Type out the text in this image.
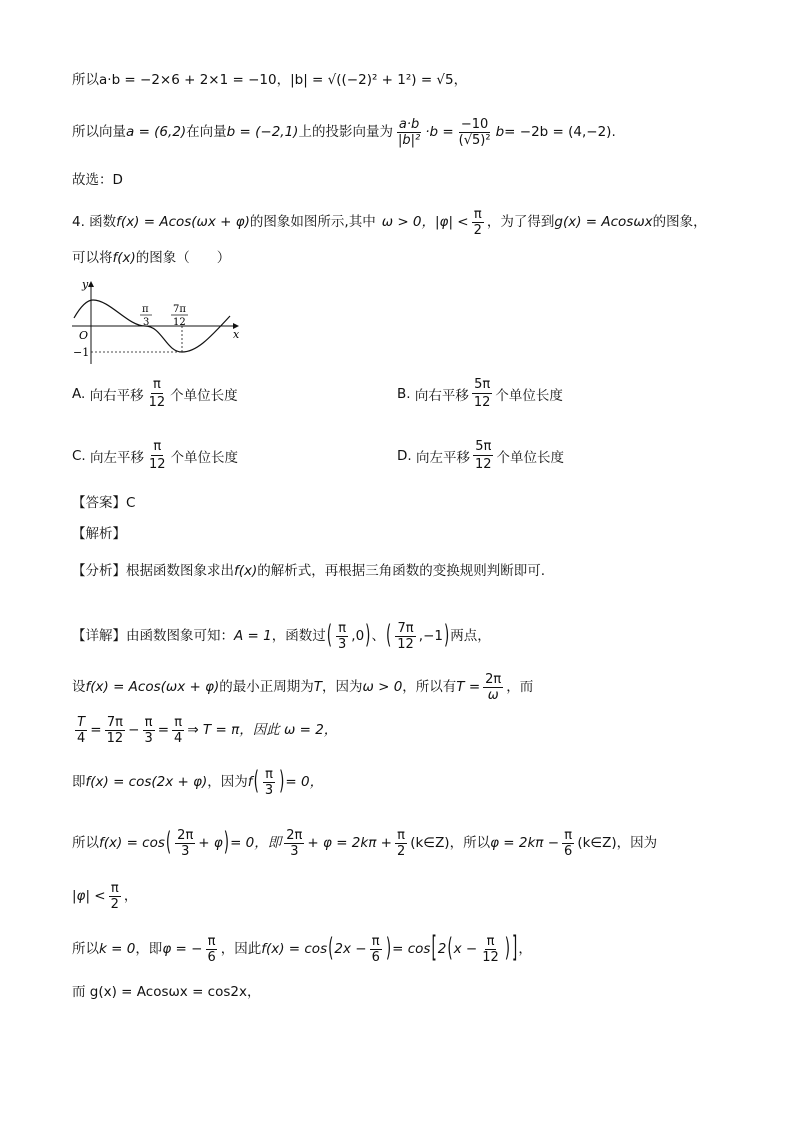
所以a·b = −2×6 + 2×1 = −10，|b| = √((−2)² + 1²) = √5，
所以向量 a = (6,2) 在向量 b = (−2,1) 上的投影向量为 $\frac{a\cdot b}{\text{|b|²}} \cdot b = \frac{-10}{\text{(√5)²}}$ b = −2b = (4,−2).
故选：D
4. 函数 f(x) = Acos(ωx + φ) 的图象如图所示,其中 ω > 0，$|\varphi| < \frac{\pi}{2}$ ，为了得到 g(x) = Acosωx 的图象，
可以将 f(x) 的图象（　　）
y
x
O
−1
π
3
7π
12
A.
向右平移 $\frac{\pi}{12}$ 个单位长度	B.
向右平移 $\frac{5\pi}{12}$ 个单位长度
C.
向左平移 $\frac{\pi}{12}$ 个单位长度	D.
向左平移 $\frac{5\pi}{12}$ 个单位长度
【答案】 C
【解析】
【分析】 根据函数图象求出 f(x) 的解析式，再根据三角函数的变换规则判断即可.
【详解】 由函数图象可知： A = 1 ，函数过 ( $\frac{\pi}{3} ,0$ ) 、 ( $\frac{7\pi}{12} ,-1$ ) 两点，
设 f(x) = Acos(ωx + φ) 的最小正周期为 T ，因为 ω > 0 ，所以有 $T = \frac{2\pi}{\omega}$ ，而
$\frac{T}{4} = \frac{7\pi}{12} - \frac{\pi}{3} = \frac{\pi}{4}$ ⇒ T = π，因此 ω = 2，
即 f(x) = cos(2x + φ) ，因为 f ( $\frac{\pi}{3}$ ) = 0，
所以 f(x) = cos ( $\frac{2\pi}{3} + \varphi$ ) = 0，即 $\frac{2\pi}{3} + \varphi = 2k\pi + \frac{\pi}{2}$ (k∈Z)，所以 $\varphi = 2k\pi - \frac{\pi}{6}$ (k∈Z)，因为
$|\varphi| < \frac{\pi}{2}$ ，
所以 k = 0 ，即 φ = − $\frac{\pi}{6}$ ，因此 f(x) = cos ( $2x - \frac{\pi}{6}$ ) = cos [ 2 ( $x - \frac{\pi}{12}$ ) ] ，
而 g(x) = Acosωx = cos2x，
